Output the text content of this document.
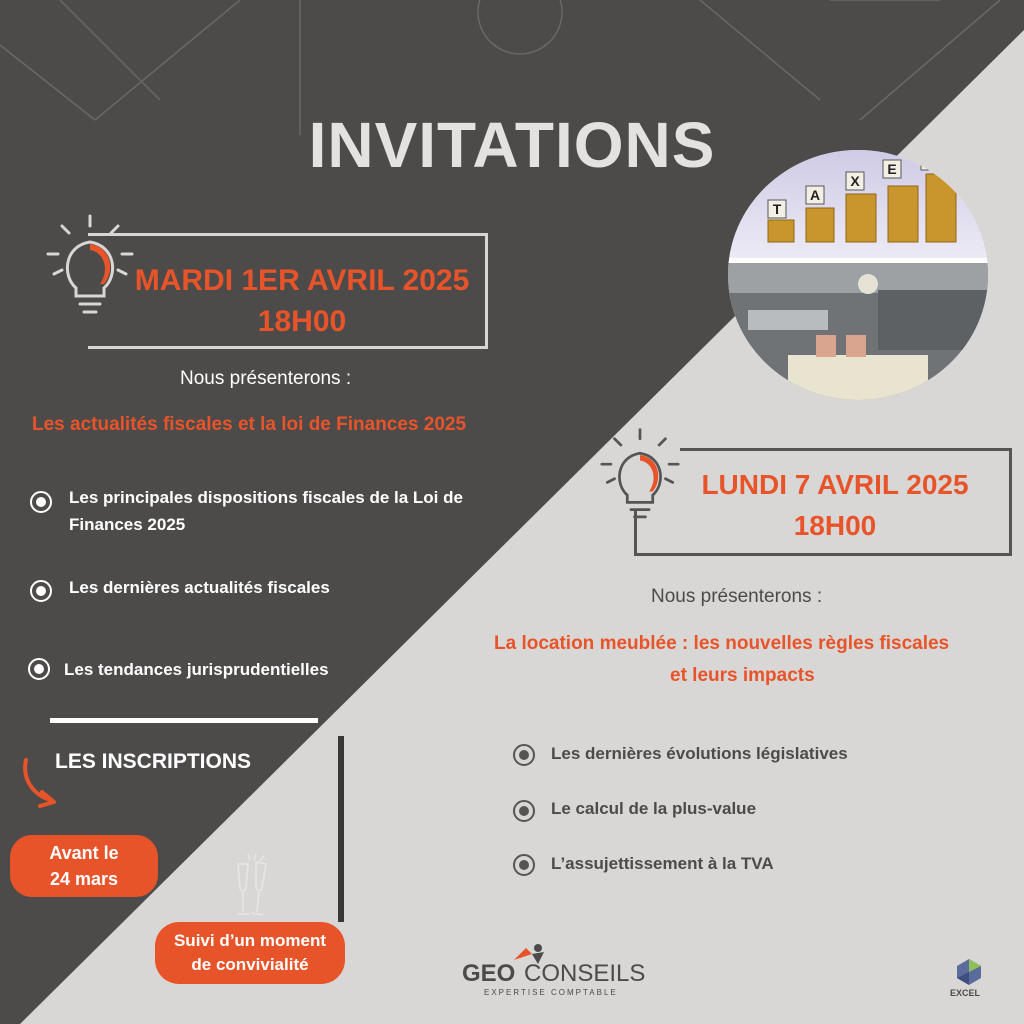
INVITATIONS
MARDI 1ER AVRIL 2025
18H00
Nous présenterons :
Les actualités fiscales et la loi de Finances 2025
Les principales dispositions fiscales de la Loi de Finances 2025
Les dernières actualités fiscales
Les tendances jurisprudentielles
LES INSCRIPTIONS
Avant le
24 mars
Suivi d’un moment
de convivialité
T
A
X
E
LUNDI 7 AVRIL 2025
18H00
Nous présenterons :
La location meublée : les nouvelles règles fiscales
et leurs impacts
Les dernières évolutions législatives
Le calcul de la plus-value
L’assujettissement à la TVA
GEO CONSEILS
EXPERTISE COMPTABLE	EXCEL
